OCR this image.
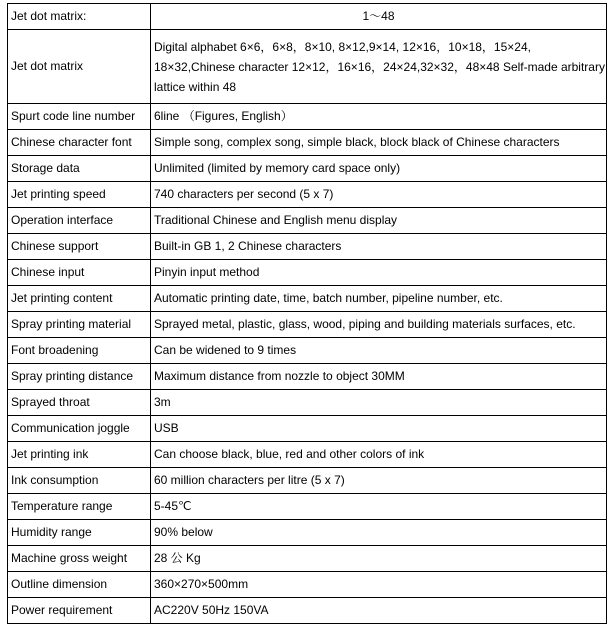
Jet dot matrix:	1～48
Jet dot matrix	Digital alphabet 6×6，6×8，8×10, 8×12,9×14, 12×16，10×18，15×24, 18×32,Chinese character 12×12，16×16，24×24,32×32，48×48 Self-made arbitrary lattice within 48
Spurt code line number	6line （Figures, English）
Chinese character font	Simple song, complex song, simple black, block black of Chinese characters
Storage data	Unlimited (limited by memory card space only)
Jet printing speed	740 characters per second (5 x 7)
Operation interface	Traditional Chinese and English menu display
Chinese support	Built-in GB 1, 2 Chinese characters
Chinese input	Pinyin input method
Jet printing content	Automatic printing date, time, batch number, pipeline number, etc.
Spray printing material	Sprayed metal, plastic, glass, wood, piping and building materials surfaces, etc.
Font broadening	Can be widened to 9 times
Spray printing distance	Maximum distance from nozzle to object 30MM
Sprayed throat	3m
Communication joggle	USB
Jet printing ink	Can choose black, blue, red and other colors of ink
Ink consumption	60 million characters per litre (5 x 7)
Temperature range	5-45℃
Humidity range	90% below
Machine gross weight	28 公 Kg
Outline dimension	360×270×500mm
Power requirement	AC220V 50Hz 150VA
